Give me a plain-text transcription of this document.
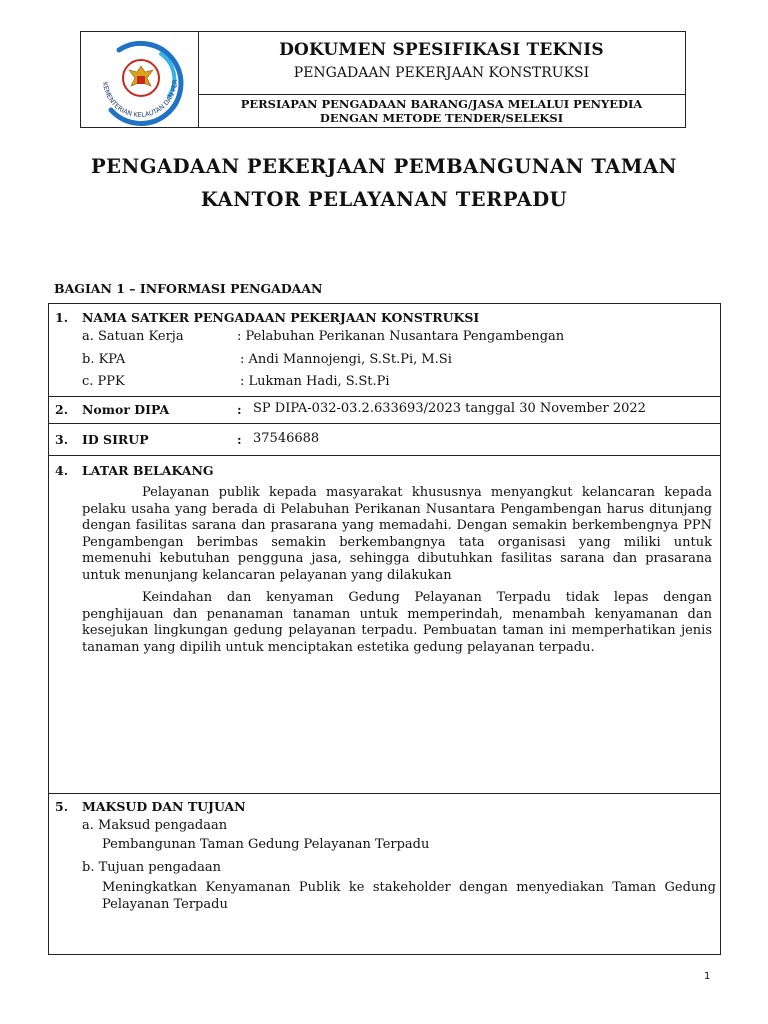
KEMENTERIAN KELAUTAN DAN PER
DOKUMEN SPESIFIKASI TEKNIS
PENGADAAN PEKERJAAN KONSTRUKSI
PERSIAPAN PENGADAAN BARANG/JASA MELALUI PENYEDIA
DENGAN METODE TENDER/SELEKSI
PENGADAAN PEKERJAAN PEMBANGUNAN TAMAN
KANTOR PELAYANAN TERPADU
BAGIAN 1 – INFORMASI PENGADAAN
1. NAMA SATKER PENGADAAN PEKERJAAN KONSTRUKSI
a. Satuan Kerja	: Pelabuhan Perikanan Nusantara Pengambengan
b. KPA	: Andi Mannojengi, S.St.Pi, M.Si
c. PPK	: Lukman Hadi, S.St.Pi
2. Nomor DIPA	: SP DIPA-032-03.2.633693/2023 tanggal 30 November 2022
3. ID SIRUP	: 37546688
4. LATAR BELAKANG

Pelayanan publik kepada masyarakat khususnya menyangkut kelancaran kepada pelaku usaha yang berada di Pelabuhan Perikanan Nusantara Pengambengan harus ditunjang dengan fasilitas sarana dan prasarana yang memadahi. Dengan semakin berkembengnya PPN Pengambengan berimbas semakin berkembangnya tata organisasi yang miliki untuk memenuhi kebutuhan pengguna jasa, sehingga dibutuhkan fasilitas sarana dan prasarana untuk menunjang kelancaran pelayanan yang dilakukan

Keindahan dan kenyaman Gedung Pelayanan Terpadu tidak lepas dengan penghijauan dan penanaman tanaman untuk memperindah, menambah kenyamanan dan kesejukan lingkungan gedung pelayanan terpadu. Pembuatan taman ini memperhatikan jenis tanaman yang dipilih untuk menciptakan estetika gedung pelayanan terpadu.

5. MAKSUD DAN TUJUAN
a. Maksud pengadaan
Pembangunan Taman Gedung Pelayanan Terpadu
b. Tujuan pengadaan
Meningkatkan Kenyamanan Publik ke stakeholder dengan menyediakan Taman Gedung Pelayanan Terpadu
1
